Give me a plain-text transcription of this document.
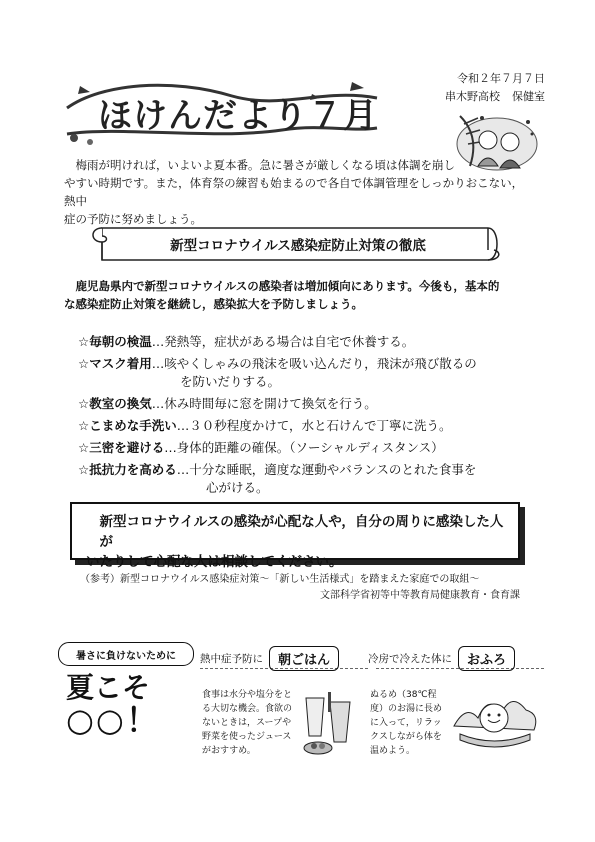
ほけんだより７月
令和２年７月７日
串木野高校 保健室
梅雨が明ければ，いよいよ夏本番。急に暑さが厳しくなる頃は体調を崩し
やすい時期です。また，体育祭の練習も始まるので各自で体調管理をしっかりおこない，熱中
症の予防に努めましょう。
新型コロナウイルス感染症防止対策の徹底
鹿児島県内で新型コロナウイルスの感染者は増加傾向にあります。今後も，基本的
な感染症防止対策を継続し，感染拡大を予防しましょう。
☆毎朝の検温…発熱等，症状がある場合は自宅で休養する。
☆マスク着用…咳やくしゃみの飛沫を吸い込んだり，飛沫が飛び散るの
を防いだりする。
☆教室の換気…休み時間毎に窓を開けて換気を行う。
☆こまめな手洗い…３０秒程度かけて，水と石けんで丁寧に洗う。
☆三密を避ける…身体的距離の確保。（ソーシャルディスタンス）
☆抵抗力を高める…十分な睡眠，適度な運動やバランスのとれた食事を
心がける。
新型コロナウイルスの感染が心配な人や，自分の周りに感染した人が
いたりして心配な人は相談してください。
（参考）新型コロナウイルス感染症対策～「新しい生活様式」を踏まえた家庭での取組～
文部科学省初等中等教育局健康教育・食育課
暑さに負けないために
夏こそ
○○！
熱中症予防に	朝ごはん	冷房で冷えた体に	おふろ
食事は水分や塩分をとる大切な機会。食欲のないときは，スープや野菜を使ったジュースがおすすめ。
ぬるめ（38℃程度）のお湯に長めに入って，リラックスしながら体を温めよう。
